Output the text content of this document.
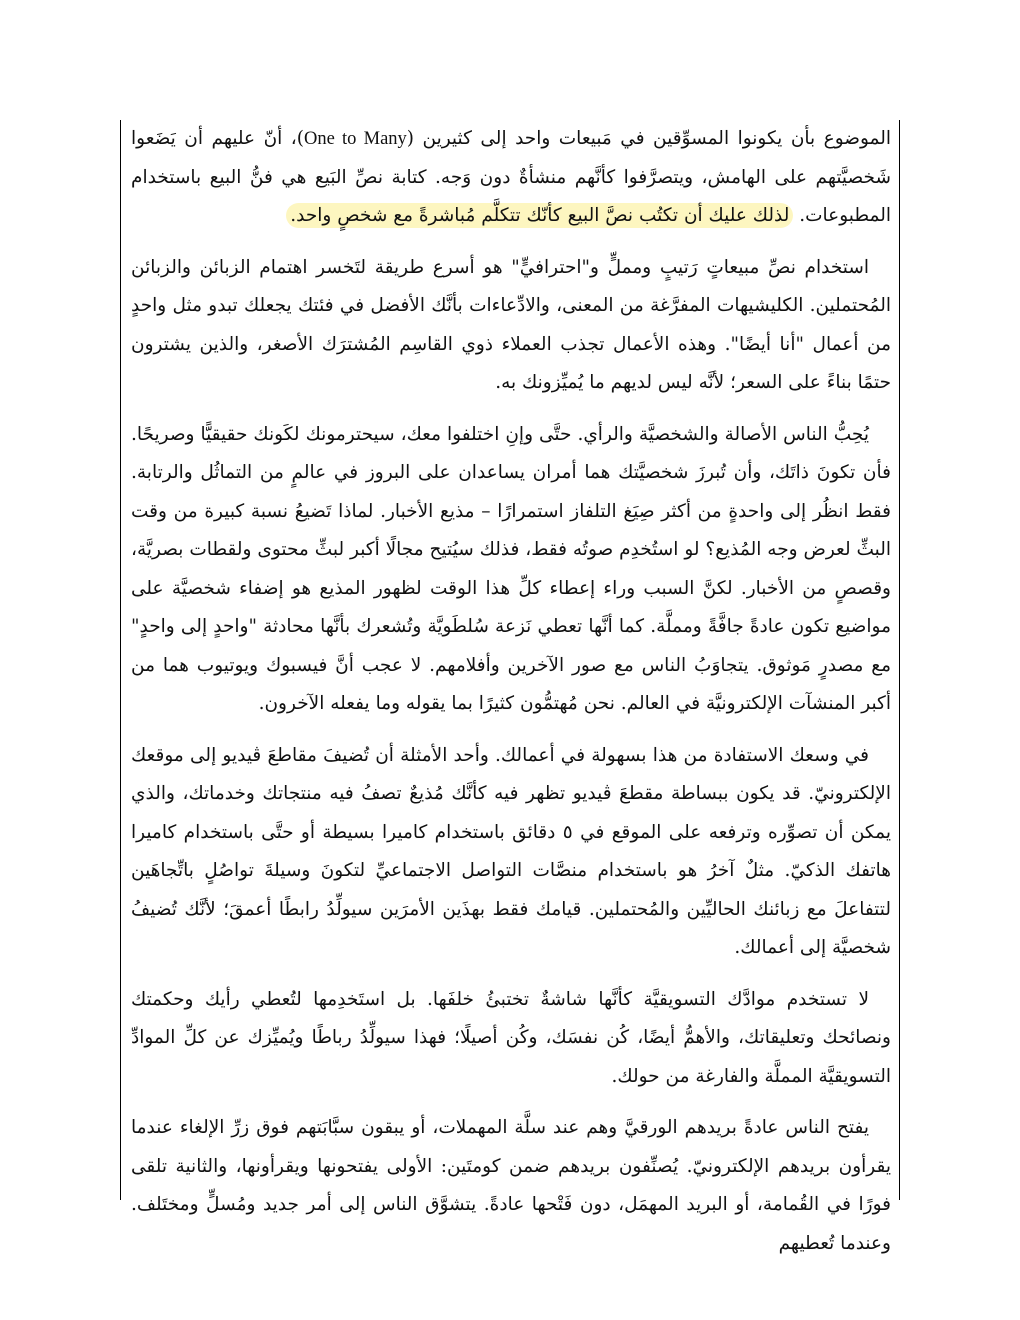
الموضوع بأن يكونوا المسوِّقين في مَبيعات واحد إلى كثيرين (One to Many)، أنّ عليهم أن يَضَعوا شَخصيَّتهم على الهامش، ويتصرَّفوا كأنَّهم منشأةٌ دون وَجه. كتابة نصِّ البَيع هي فنُّ البيع باستخدام المطبوعات. لذلك عليك أن تكتُب نصَّ البيع كأنّك تتكلَّم مُباشرةً مع شخصٍ واحد.

استخدام نصِّ مبيعاتٍ رَتيبٍ ومملٍّ و"احترافيٍّ" هو أسرع طريقة لتَخسر اهتمام الزبائن والزبائن المُحتملين. الكليشيهات المفرَّغة من المعنى، والادِّعاءات بأنَّك الأفضل في فئتك يجعلك تبدو مثل واحدٍ من أعمال "أنا أيضًا". وهذه الأعمال تجذب العملاء ذوي القاسِم المُشترَك الأصغر، والذين يشترون حتمًا بناءً على السعر؛ لأنَّه ليس لديهم ما يُميِّزونك به.

يُحِبُّ الناس الأصالة والشخصيَّة والرأي. حتَّى وإنِ اختلفوا معك، سيحترمونك لكَونك حقيقيًّا وصريحًا. فأن تكونَ ذاتَك، وأن تُبرزَ شخصيَّتك هما أمران يساعدان على البروز في عالمٍ من التماثُل والرتابة. فقط انظُر إلى واحدةٍ من أكثر صِيَغ التلفاز استمرارًا – مذيع الأخبار. لماذا تَضيعُ نسبة كبيرة من وقت البثِّ لعرض وجه المُذيع؟ لو استُخدِم صوتُه فقط، فذلك سيُتيح مجالًا أكبر لبثِّ محتوى ولقطات بصريَّة، وقصصٍ من الأخبار. لكنَّ السبب وراء إعطاء كلِّ هذا الوقت لظهور المذيع هو إضفاء شخصيَّة على مواضيع تكون عادةً جافَّةً ومملَّة. كما أنَّها تعطي نَزعة سُلطَويَّة وتُشعرك بأنَّها محادثة "واحدٍ إلى واحدٍ" مع مصدرٍ مَوثوق. يتجاوَبُ الناس مع صور الآخرين وأفلامهم. لا عجب أنَّ فيسبوك ويوتيوب هما من أكبر المنشآت الإلكترونيَّة في العالم. نحن مُهتمُّون كثيرًا بما يقوله وما يفعله الآخرون.

في وسعك الاستفادة من هذا بسهولة في أعمالك. وأحد الأمثلة أن تُضيفَ مقاطعَ ڤيديو إلى موقعك الإلكترونيّ. قد يكون ببساطة مقطعَ ڤيديو تظهر فيه كأنَّك مُذيعٌ تصفُ فيه منتجاتك وخدماتك، والذي يمكن أن تصوِّره وترفعه على الموقع في ٥ دقائق باستخدام كاميرا بسيطة أو حتَّى باستخدام كاميرا هاتفك الذكيّ. مثلٌ آخرُ هو باستخدام منصَّات التواصل الاجتماعيِّ لتكونَ وسيلةَ تواصُلٍ باتِّجاهَين لتتفاعلَ مع زبائنك الحاليِّين والمُحتملين. قيامك فقط بهذَين الأمرَين سيولِّدُ رابطًا أعمقَ؛ لأنَّك تُضيفُ شخصيَّة إلى أعمالك.

لا تستخدم موادَّك التسويقيَّة كأنَّها شاشةٌ تختبئُ خلفَها. بل استَخدِمها لتُعطي رأيك وحكمتك ونصائحك وتعليقاتك، والأهمُّ أيضًا، كُن نفسَك، وكُن أصيلًا؛ فهذا سيولِّدُ رباطًا ويُميِّزك عن كلِّ الموادِّ التسويقيَّة المملَّة والفارغة من حولك.

يفتح الناس عادةً بريدهم الورقيَّ وهم عند سلَّة المهملات، أو يبقون سبَّابَتهم فوق زرِّ الإلغاء عندما يقرأون بريدهم الإلكترونيّ. يُصنِّفون بريدهم ضمن كومتَين: الأولى يفتحونها ويقرأونها، والثانية تلقى فورًا في القُمامة، أو البريد المهمَل، دون فَتْحها عادةً. يتشوَّق الناس إلى أمر جديد ومُسلٍّ ومختَلف. وعندما تُعطيهم
